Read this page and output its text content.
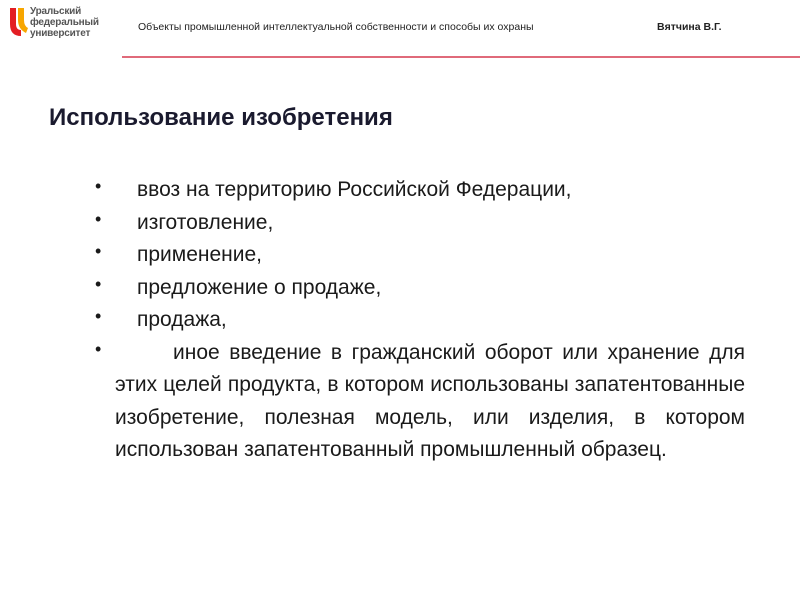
Уральский
федеральный
университет
Объекты промышленной интеллектуальной собственности и способы их охраны	Вятчина В.Г.
Использование изобретения
• ввоз на территорию Российской Федерации,
• изготовление,
• применение,
• предложение о продаже,
• продажа,
•	иное введение в гражданский оборот или хранение для этих целей продукта, в котором использованы запатентованные изобретение, полезная модель, или изделия, в котором использован запатентованный промышленный образец.
